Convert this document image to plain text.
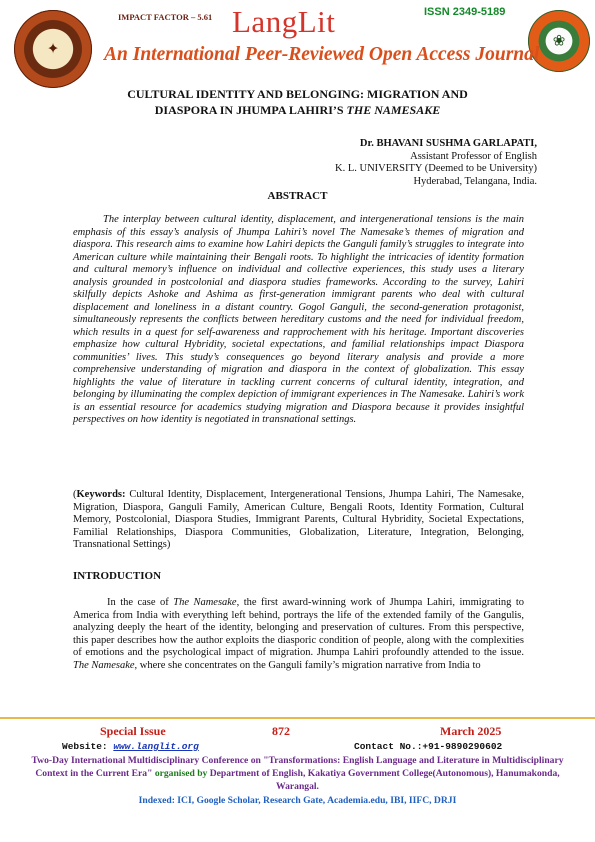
✦
IMPACT FACTOR – 5.61 LangLit	ISSN 2349-5189
❀
An International Peer-Reviewed Open Access Journal
CULTURAL IDENTITY AND BELONGING: MIGRATION AND
DIASPORA IN JHUMPA LAHIRI’S THE NAMESAKE
Dr. BHAVANI SUSHMA GARLAPATI,
Assistant Professor of English
K. L. UNIVERSITY (Deemed to be University)
Hyderabad, Telangana, India.
ABSTRACT

The interplay between cultural identity, displacement, and intergenerational tensions is the main emphasis of this essay’s analysis of Jhumpa Lahiri’s novel The Namesake’s themes of migration and diaspora. This research aims to examine how Lahiri depicts the Ganguli family’s struggles to integrate into American culture while maintaining their Bengali roots. To highlight the intricacies of identity formation and cultural memory’s influence on individual and collective experiences, this study uses a literary analysis grounded in postcolonial and diaspora studies frameworks. According to the survey, Lahiri skilfully depicts Ashoke and Ashima as first-generation immigrant parents who deal with cultural displacement and loneliness in a distant country. Gogol Ganguli, the second-generation protagonist, simultaneously represents the conflicts between hereditary customs and the need for individual freedom, which results in a quest for self-awareness and rapprochement with his heritage. Important discoveries emphasize how cultural Hybridity, societal expectations, and familial relationships impact Diaspora communities’ lives. This study’s consequences go beyond literary analysis and provide a more comprehensive understanding of migration and diaspora in the context of globalization. This essay highlights the value of literature in tackling current concerns of cultural identity, integration, and belonging by illuminating the complex depiction of immigrant experiences in The Namesake. Lahiri’s work is an essential resource for academics studying migration and Diaspora because it provides insightful perspectives on how identity is negotiated in transnational settings.

(Keywords: Cultural Identity, Displacement, Intergenerational Tensions, Jhumpa Lahiri, The Namesake, Migration, Diaspora, Ganguli Family, American Culture, Bengali Roots, Identity Formation, Cultural Memory, Postcolonial, Diaspora Studies, Immigrant Parents, Cultural Hybridity, Societal Expectations, Familial Relationships, Diaspora Communities, Globalization, Literature, Integration, Belonging, Transnational Settings)

INTRODUCTION

In the case of The Namesake, the first award-winning work of Jhumpa Lahiri, immigrating to America from India with everything left behind, portrays the life of the extended family of the Gangulis, analyzing deeply the heart of the identity, belonging and preservation of cultures. From this perspective, this paper describes how the author exploits the diasporic condition of people, along with the complexities of emotions and the psychological impact of migration. Jhumpa Lahiri profoundly attended to the issue. The Namesake, where she concentrates on the Ganguli family’s migration narrative from India to

Special Issue	872	March 2025
Website: www.langlit.org	Contact No.:+91-9890290602
Two-Day International Multidisciplinary Conference on "Transformations: English Language and Literature in Multidisciplinary Context in the Current Era" organised by Department of English, Kakatiya Government College(Autonomous), Hanumakonda, Warangal.
Indexed: ICI, Google Scholar, Research Gate, Academia.edu, IBI, IIFC, DRJI
